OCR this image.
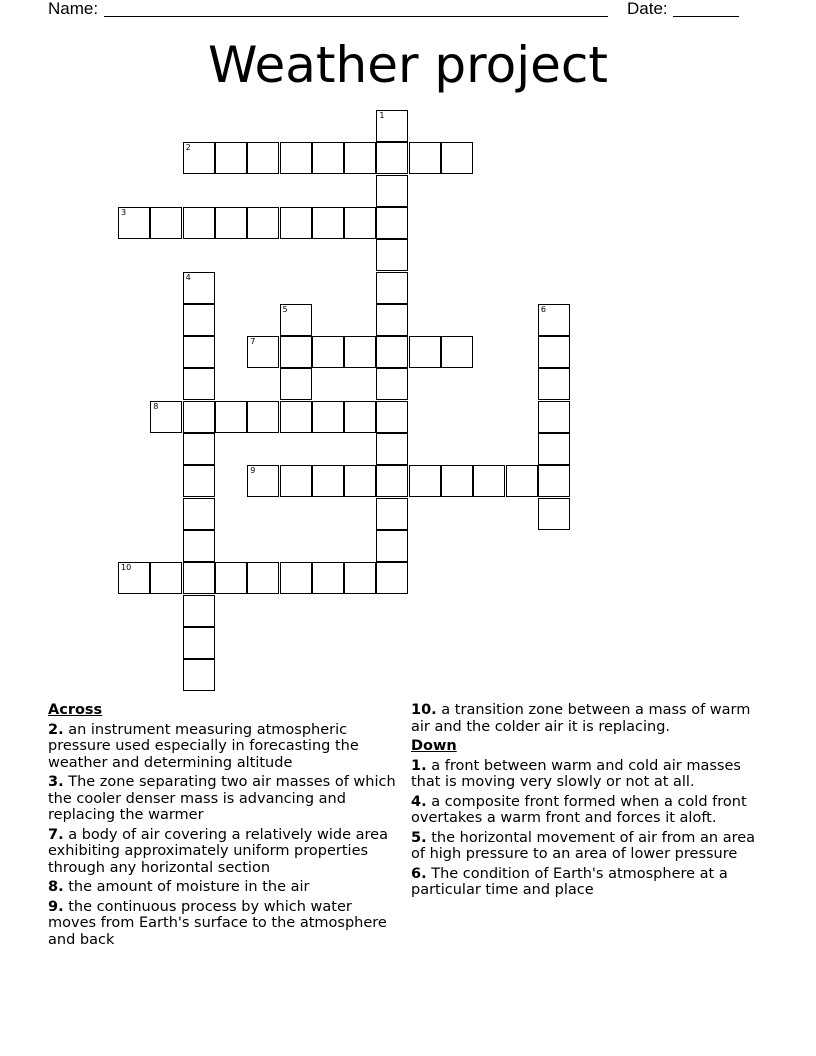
Name:	Date:
Weather project
1
2
3
4
5	6
7
8
9
10
Across
2. an instrument measuring atmospheric pressure used especially in forecasting the weather and determining altitude
3. The zone separating two air masses of which the cooler denser mass is advancing and replacing the warmer
7. a body of air covering a relatively wide area exhibiting approximately uniform properties through any horizontal section
8. the amount of moisture in the air
9. the continuous process by which water moves from Earth's surface to the atmosphere and back
10. a transition zone between a mass of warm air and the colder air it is replacing.
Down
1. a front between warm and cold air masses that is moving very slowly or not at all.
4. a composite front formed when a cold front overtakes a warm front and forces it aloft.
5. the horizontal movement of air from an area of high pressure to an area of lower pressure
6. The condition of Earth's atmosphere at a particular time and place
